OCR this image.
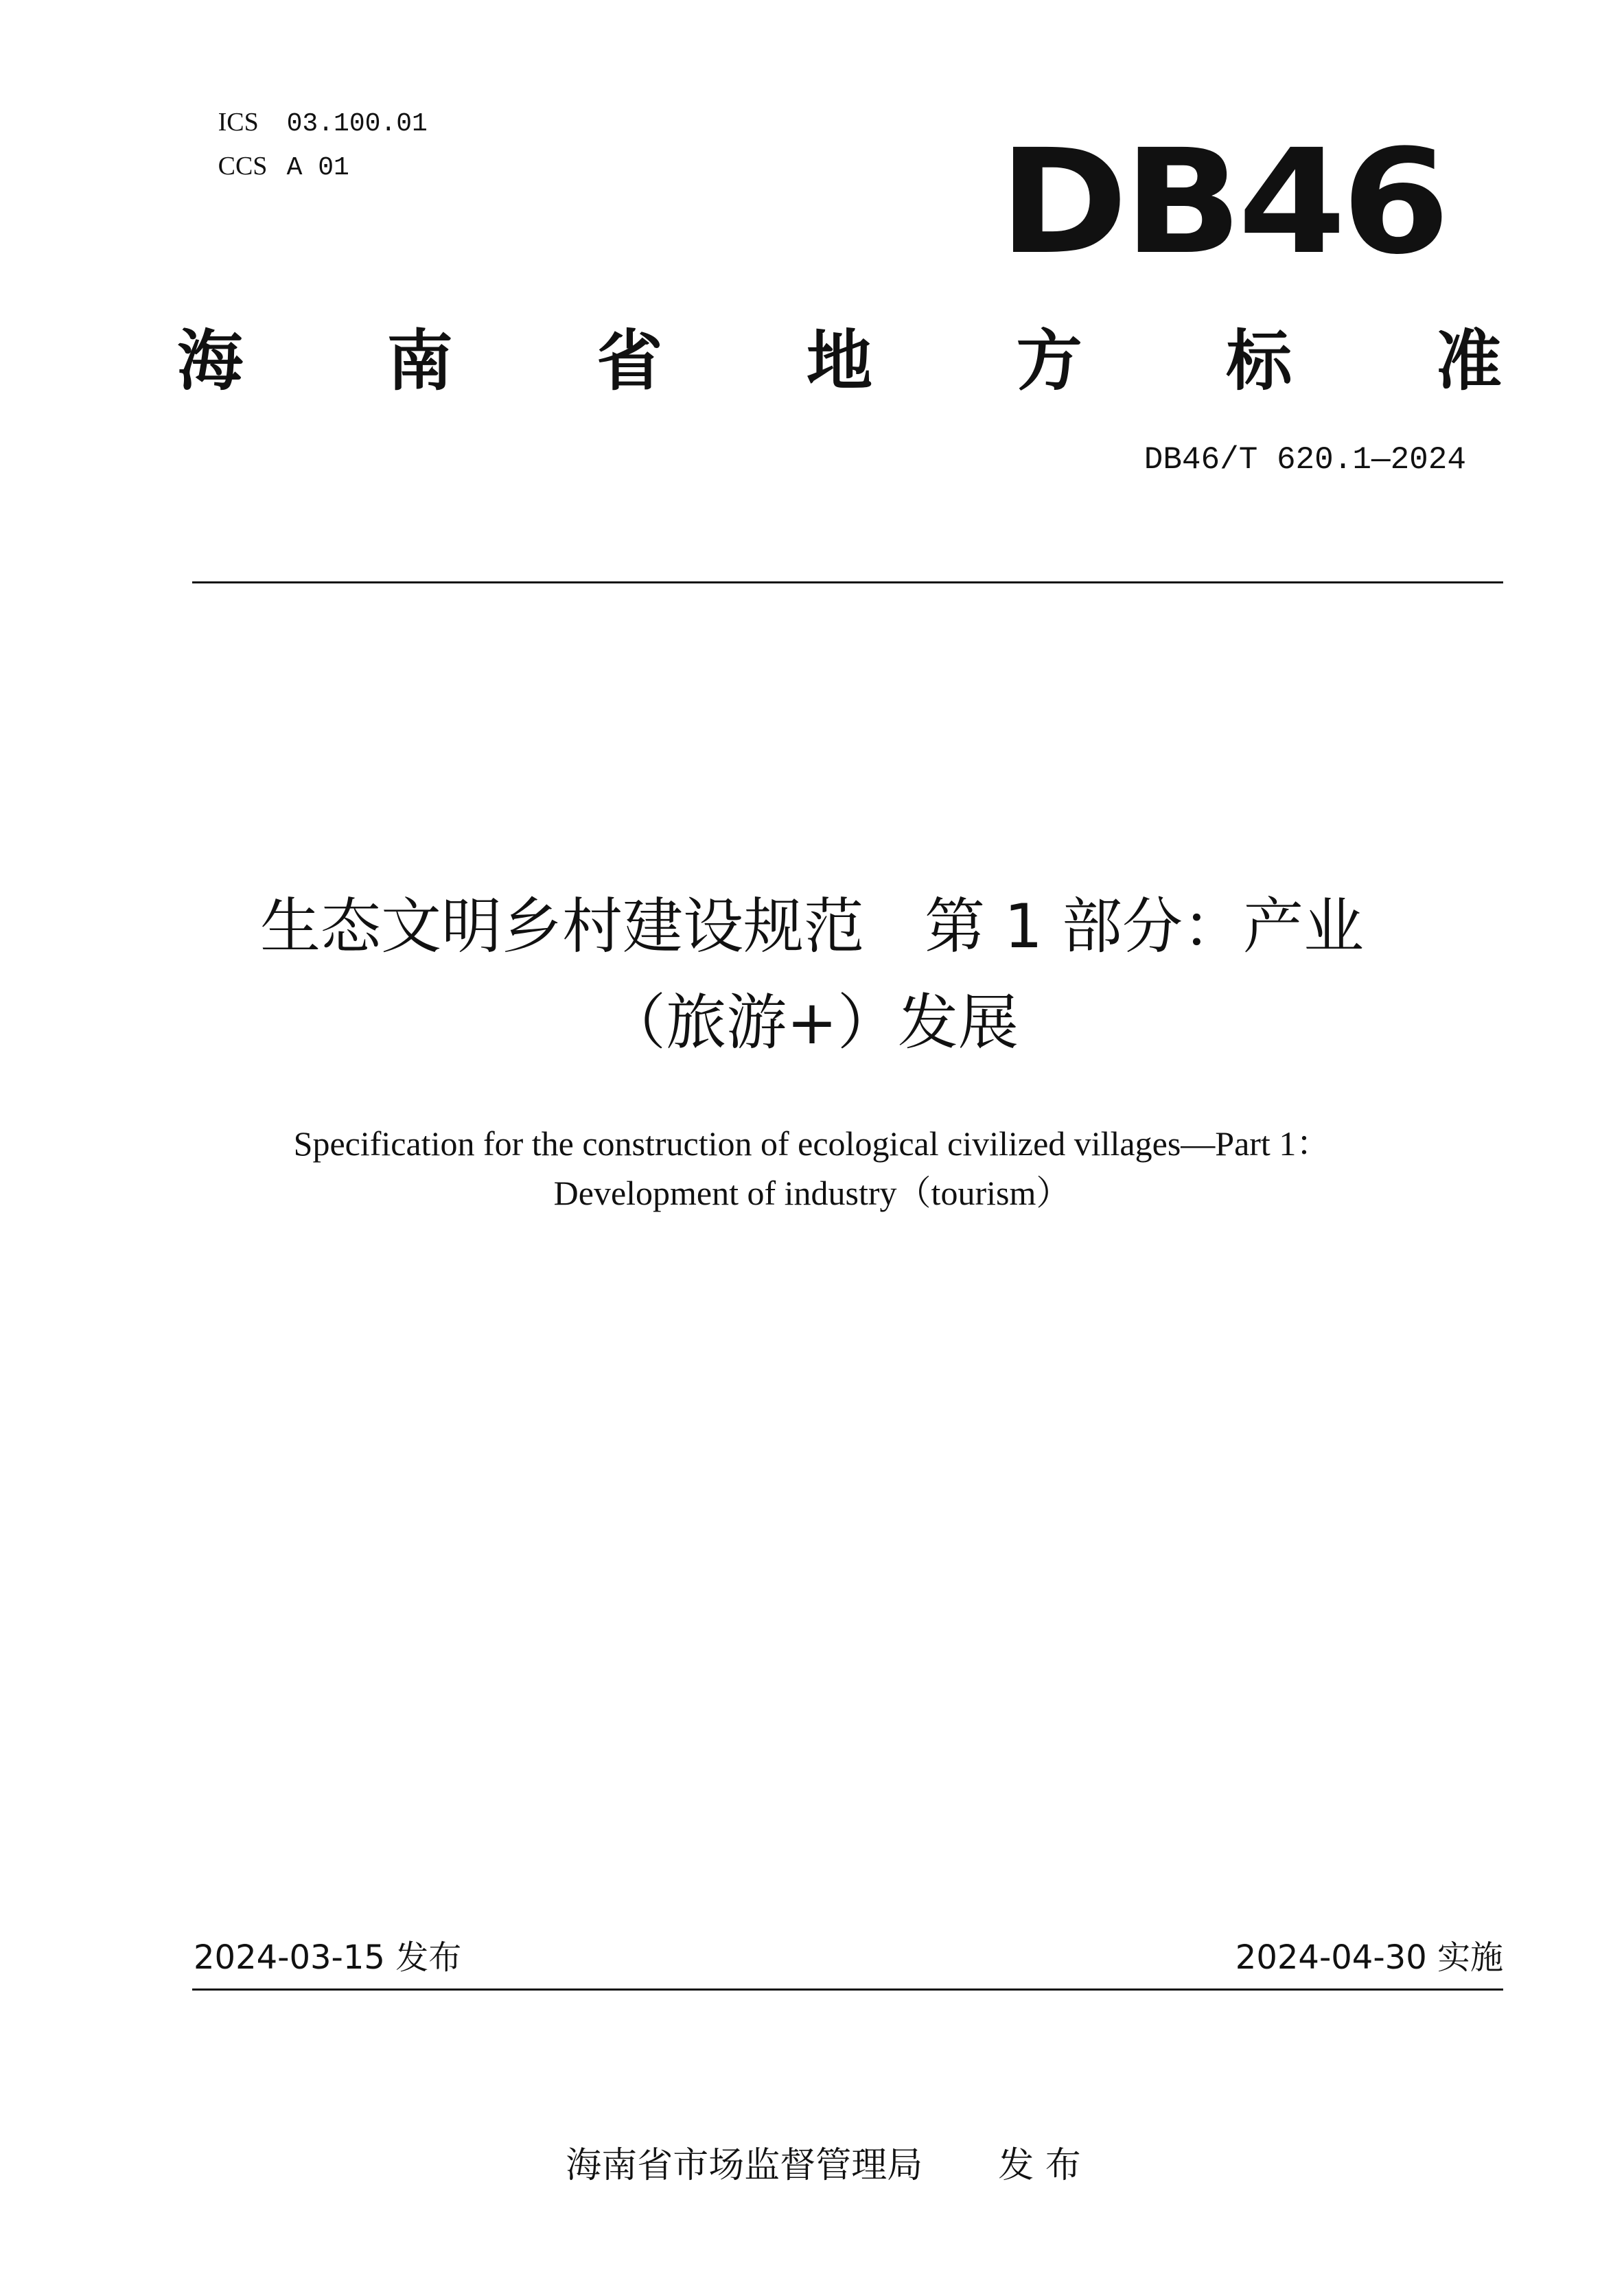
ICS 03.100.01

CCS A 01	DB46
海 南 省 地 方 标 准
DB46/T 620.1—2024
生态文明乡村建设规范　第 1 部分：产业
（旅游+）发展
Specification for the construction of ecological civilized villages—Part 1：
Development of industry（tourism）
2024-03-15 发布	2024-04-30 实施

海南省市场监督管理局 发 布
